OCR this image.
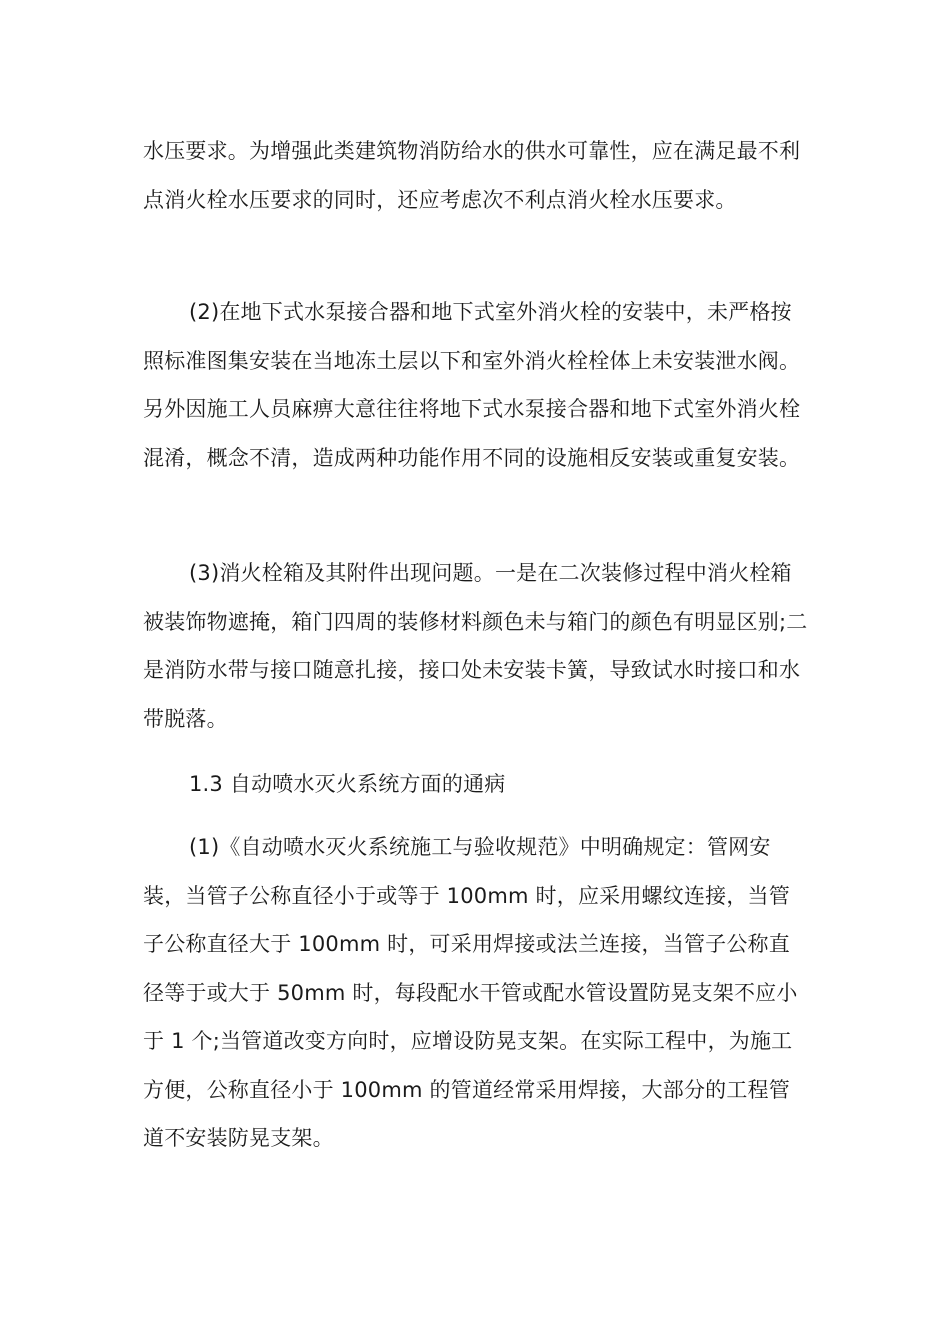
水压要求。为增强此类建筑物消防给水的供水可靠性，应在满足最不利点消火栓水压要求的同时，还应考虑次不利点消火栓水压要求。

(2)在地下式水泵接合器和地下式室外消火栓的安装中，未严格按照标准图集安装在当地冻土层以下和室外消火栓栓体上未安装泄水阀。另外因施工人员麻痹大意往往将地下式水泵接合器和地下式室外消火栓混淆，概念不清，造成两种功能作用不同的设施相反安装或重复安装。

(3)消火栓箱及其附件出现问题。一是在二次装修过程中消火栓箱被装饰物遮掩，箱门四周的装修材料颜色未与箱门的颜色有明显区别;二是消防水带与接口随意扎接，接口处未安装卡簧，导致试水时接口和水带脱落。

1.3 自动喷水灭火系统方面的通病

(1)《自动喷水灭火系统施工与验收规范》中明确规定：管网安装，当管子公称直径小于或等于 100mm 时，应采用螺纹连接，当管子公称直径大于 100mm 时，可采用焊接或法兰连接，当管子公称直径等于或大于 50mm 时，每段配水干管或配水管设置防晃支架不应小于 1 个;当管道改变方向时，应增设防晃支架。在实际工程中，为施工方便，公称直径小于 100mm 的管道经常采用焊接，大部分的工程管道不安装防晃支架。
